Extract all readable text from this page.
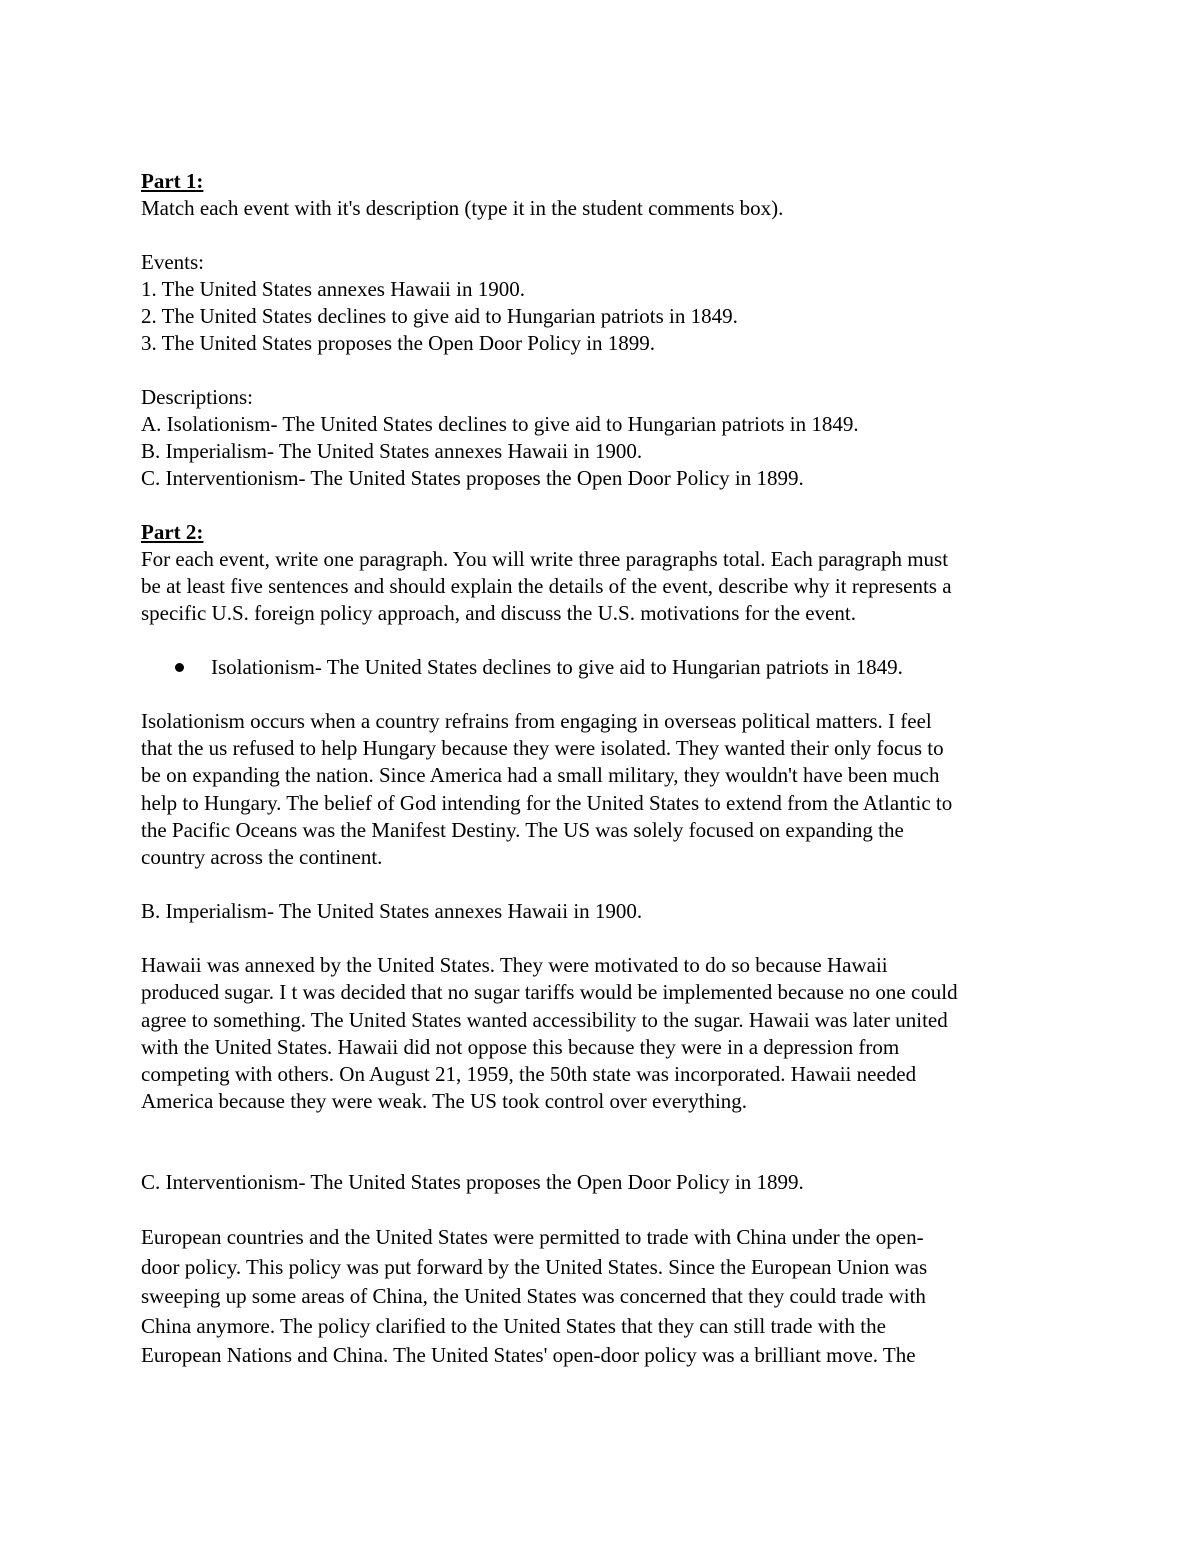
Part 1:

Match each event with it's description (type it in the student comments box).

Events:

1. The United States annexes Hawaii in 1900.

2. The United States declines to give aid to Hungarian patriots in 1849.

3. The United States proposes the Open Door Policy in 1899.

Descriptions:

A. Isolationism- The United States declines to give aid to Hungarian patriots in 1849.

B. Imperialism- The United States annexes Hawaii in 1900.

C. Interventionism- The United States proposes the Open Door Policy in 1899.

Part 2:

For each event, write one paragraph. You will write three paragraphs total. Each paragraph must

be at least five sentences and should explain the details of the event, describe why it represents a

specific U.S. foreign policy approach, and discuss the U.S. motivations for the event.

Isolationism- The United States declines to give aid to Hungarian patriots in 1849.

Isolationism occurs when a country refrains from engaging in overseas political matters. I feel

that the us refused to help Hungary because they were isolated. They wanted their only focus to

be on expanding the nation. Since America had a small military, they wouldn't have been much

help to Hungary. The belief of God intending for the United States to extend from the Atlantic to

the Pacific Oceans was the Manifest Destiny. The US was solely focused on expanding the

country across the continent.

B. Imperialism- The United States annexes Hawaii in 1900.

Hawaii was annexed by the United States. They were motivated to do so because Hawaii

produced sugar. I t was decided that no sugar tariffs would be implemented because no one could

agree to something. The United States wanted accessibility to the sugar. Hawaii was later united

with the United States. Hawaii did not oppose this because they were in a depression from

competing with others. On August 21, 1959, the 50th state was incorporated. Hawaii needed

America because they were weak. The US took control over everything.

C. Interventionism- The United States proposes the Open Door Policy in 1899.

European countries and the United States were permitted to trade with China under the open-

door policy. This policy was put forward by the United States. Since the European Union was

sweeping up some areas of China, the United States was concerned that they could trade with

China anymore. The policy clarified to the United States that they can still trade with the

European Nations and China. The United States' open-door policy was a brilliant move. The
